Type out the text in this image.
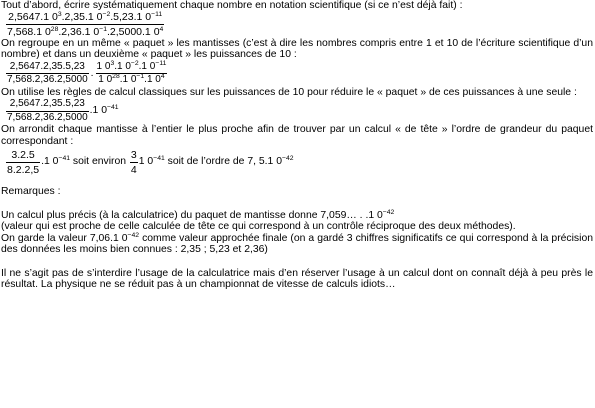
Tout d’abord, écrire systématiquement chaque nombre en notation scientifique (si ce n’est déjà fait) :

$\frac{2,5647.1 0^3.2,35.1 0^{-2}.5,23.1 0^{-11}}{7,568.1 0^{28}.2,36.1 0^{-1}.2,5000.1 0^4}$

On regroupe en un même « paquet » les mantisses (c’est à dire les nombres compris entre 1 et 10 de l’écriture scientifique d’un nombre) et dans un deuxième « paquet » les puissances de 10 :

$\frac{2,5647.2,35.5,23}{7,568.2,36.2,5000}$ . $\frac{1 0^3.1 0^{-2}.1 0^{-11}}{1 0^{28}.1 0^{-1}.1 0^4}$

On utilise les règles de calcul classiques sur les puissances de 10 pour réduire le « paquet » de ces puissances à une seule :

$\frac{2,5647.2,35.5,23}{7,568.2,36.2,5000} .1$ $0^{-41}$

On arrondit chaque mantisse à l’entier le plus proche afin de trouver par un calcul « de tête » l’ordre de grandeur du paquet correspondant :

$\frac{3.2.5}{8.2.2,5} .1$ $0^{-41}$ soit environ $\frac{3}{4} 1$ $0^{-41}$ soit de l’ordre de 7, 5.1 $0^{-42}$

Remarques :

Un calcul plus précis (à la calculatrice) du paquet de mantisse donne 7,059… . .1 $0^{-42}$

(valeur qui est proche de celle calculée de tête ce qui correspond à un contrôle réciproque des deux méthodes).

On garde la valeur 7,06.1 $0^{-42}$ comme valeur approchée finale (on a gardé 3 chiffres significatifs ce qui correspond à la précision des données les moins bien connues : 2,35 ; 5,23 et 2,36)

Il ne s’agit pas de s’interdire l’usage de la calculatrice mais d’en réserver l’usage à un calcul dont on connaît déjà à peu près le résultat. La physique ne se réduit pas à un championnat de vitesse de calculs idiots…
